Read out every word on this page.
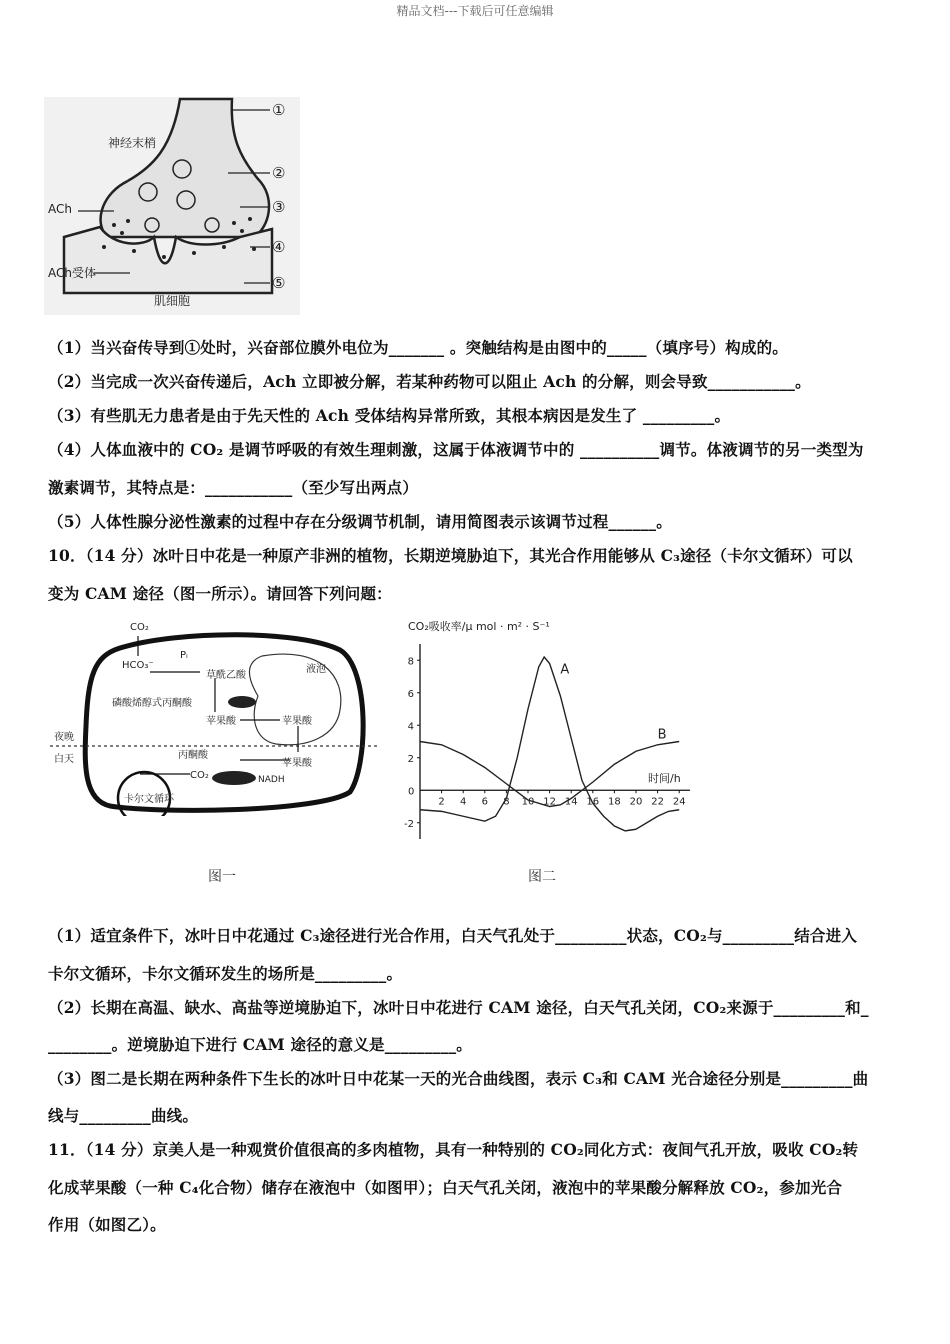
精品文档---下载后可任意编辑
神经末梢
ACh
ACh受体
肌细胞
①
②
③
④
⑤
（1）当兴奋传导到①处时，兴奋部位膜外电位为_______ 。突触结构是由图中的_____（填序号）构成的。
（2）当完成一次兴奋传递后，Ach 立即被分解，若某种药物可以阻止 Ach 的分解，则会导致___________。
（3）有些肌无力患者是由于先天性的 Ach 受体结构异常所致，其根本病因是发生了 _________。
（4）人体血液中的 CO₂ 是调节呼吸的有效生理刺激，这属于体液调节中的 __________调节。体液调节的另一类型为
激素调节，其特点是：___________（至少写出两点）
（5）人体性腺分泌性激素的过程中存在分级调节机制，请用简图表示该调节过程______。
10．（14 分）冰叶日中花是一种原产非洲的植物，长期逆境胁迫下，其光合作用能够从 C₃途径（卡尔文循环）可以
变为 CAM 途径（图一所示）。请回答下列问题：
CO₂
HCO₃⁻
Pᵢ
草酰乙酸
磷酸烯醇式丙酮酸
苹果酸	苹果酸
液泡
夜晚
白天	丙酮酸
苹果酸
CO₂	NADH
卡尔文循环
图一
CO₂吸收率/μ mol · m² · S⁻¹
时间/h
2 4 6 8 10 12 14 16 18 20 22 24
0
-2
2
4
6
8
A
B
图二
（1）适宜条件下，冰叶日中花通过 C₃途径进行光合作用，白天气孔处于_________状态，CO₂与_________结合进入
卡尔文循环，卡尔文循环发生的场所是_________。
（2）长期在高温、缺水、高盐等逆境胁迫下，冰叶日中花进行 CAM 途径，白天气孔关闭，CO₂来源于_________和_
________。逆境胁迫下进行 CAM 途径的意义是_________。
（3）图二是长期在两种条件下生长的冰叶日中花某一天的光合曲线图，表示 C₃和 CAM 光合途径分别是_________曲
线与_________曲线。
11．（14 分）京美人是一种观赏价值很高的多肉植物，具有一种特别的 CO₂同化方式：夜间气孔开放，吸收 CO₂转
化成苹果酸（一种 C₄化合物）储存在液泡中（如图甲）；白天气孔关闭，液泡中的苹果酸分解释放 CO₂，参加光合
作用（如图乙）。
